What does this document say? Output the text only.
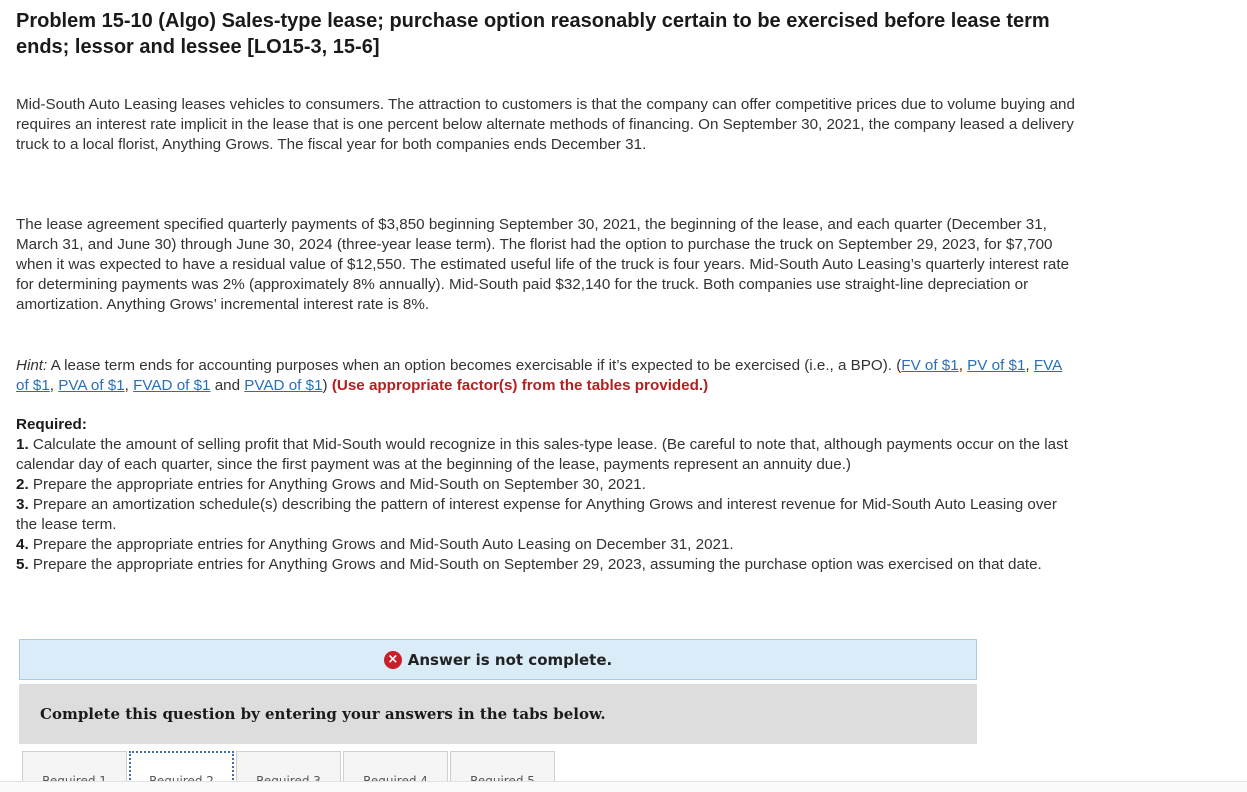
Problem 15-10 (Algo) Sales-type lease; purchase option reasonably certain to be exercised before lease term ends; lessor and lessee [LO15-3, 15-6]

Mid-South Auto Leasing leases vehicles to consumers. The attraction to customers is that the company can offer competitive prices due to volume buying and requires an interest rate implicit in the lease that is one percent below alternate methods of financing. On September 30, 2021, the company leased a delivery truck to a local florist, Anything Grows. The fiscal year for both companies ends December 31.

The lease agreement specified quarterly payments of $3,850 beginning September 30, 2021, the beginning of the lease, and each quarter (December 31, March 31, and June 30) through June 30, 2024 (three-year lease term). The florist had the option to purchase the truck on September 29, 2023, for $7,700 when it was expected to have a residual value of $12,550. The estimated useful life of the truck is four years. Mid-South Auto Leasing’s quarterly interest rate for determining payments was 2% (approximately 8% annually). Mid-South paid $32,140 for the truck. Both companies use straight-line depreciation or amortization. Anything Grows’ incremental interest rate is 8%.

Hint: A lease term ends for accounting purposes when an option becomes exercisable if it’s expected to be exercised (i.e., a BPO). (FV of $1, PV of $1, FVA of $1, PVA of $1, FVAD of $1 and PVAD of $1) (Use appropriate factor(s) from the tables provided.)

Required:
1. Calculate the amount of selling profit that Mid-South would recognize in this sales-type lease. (Be careful to note that, although payments occur on the last calendar day of each quarter, since the first payment was at the beginning of the lease, payments represent an annuity due.)
2. Prepare the appropriate entries for Anything Grows and Mid-South on September 30, 2021.
3. Prepare an amortization schedule(s) describing the pattern of interest expense for Anything Grows and interest revenue for Mid-South Auto Leasing over the lease term.
4. Prepare the appropriate entries for Anything Grows and Mid-South Auto Leasing on December 31, 2021.
5. Prepare the appropriate entries for Anything Grows and Mid-South on September 29, 2023, assuming the purchase option was exercised on that date.
× Answer is not complete.
Complete this question by entering your answers in the tabs below.
